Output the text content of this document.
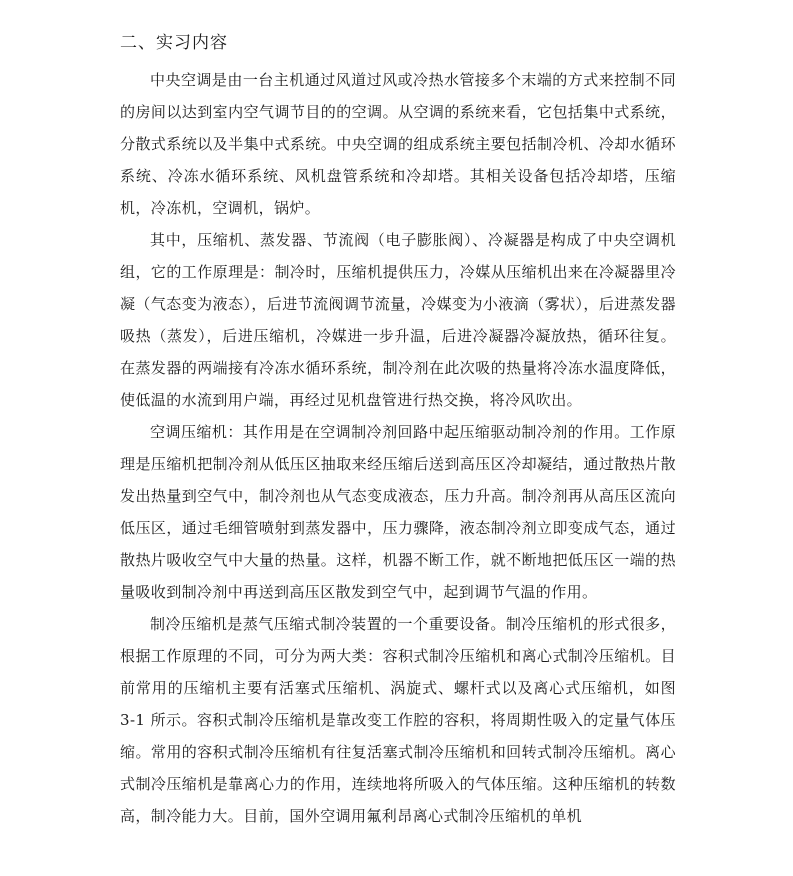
二、实习内容

中央空调是由一台主机通过风道过风或冷热水管接多个末端的方式来控制不同的房间以达到室内空气调节目的的空调。从空调的系统来看，它包括集中式系统，分散式系统以及半集中式系统。中央空调的组成系统主要包括制冷机、冷却水循环系统、冷冻水循环系统、风机盘管系统和冷却塔。其相关设备包括冷却塔，压缩机，冷冻机，空调机，锅炉。

其中，压缩机、蒸发器、节流阀（电子膨胀阀）、冷凝器是构成了中央空调机组，它的工作原理是：制冷时，压缩机提供压力，冷媒从压缩机出来在冷凝器里冷凝（气态变为液态），后进节流阀调节流量，冷媒变为小液滴（雾状），后进蒸发器吸热（蒸发），后进压缩机，冷媒进一步升温，后进冷凝器冷凝放热，循环往复。在蒸发器的两端接有冷冻水循环系统，制冷剂在此次吸的热量将冷冻水温度降低，使低温的水流到用户端，再经过见机盘管进行热交换，将冷风吹出。

空调压缩机：其作用是在空调制冷剂回路中起压缩驱动制冷剂的作用。工作原理是压缩机把制冷剂从低压区抽取来经压缩后送到高压区冷却凝结，通过散热片散发出热量到空气中，制冷剂也从气态变成液态，压力升高。制冷剂再从高压区流向低压区，通过毛细管喷射到蒸发器中，压力骤降，液态制冷剂立即变成气态，通过散热片吸收空气中大量的热量。这样，机器不断工作，就不断地把低压区一端的热量吸收到制冷剂中再送到高压区散发到空气中，起到调节气温的作用。

制冷压缩机是蒸气压缩式制冷装置的一个重要设备。制冷压缩机的形式很多，根据工作原理的不同，可分为两大类：容积式制冷压缩机和离心式制冷压缩机。目前常用的压缩机主要有活塞式压缩机、涡旋式、螺杆式以及离心式压缩机，如图 3-1 所示。容积式制冷压缩机是靠改变工作腔的容积，将周期性吸入的定量气体压缩。常用的容积式制冷压缩机有往复活塞式制冷压缩机和回转式制冷压缩机。离心式制冷压缩机是靠离心力的作用，连续地将所吸入的气体压缩。这种压缩机的转数高，制冷能力大。目前，国外空调用氟利昂离心式制冷压缩机的单机
